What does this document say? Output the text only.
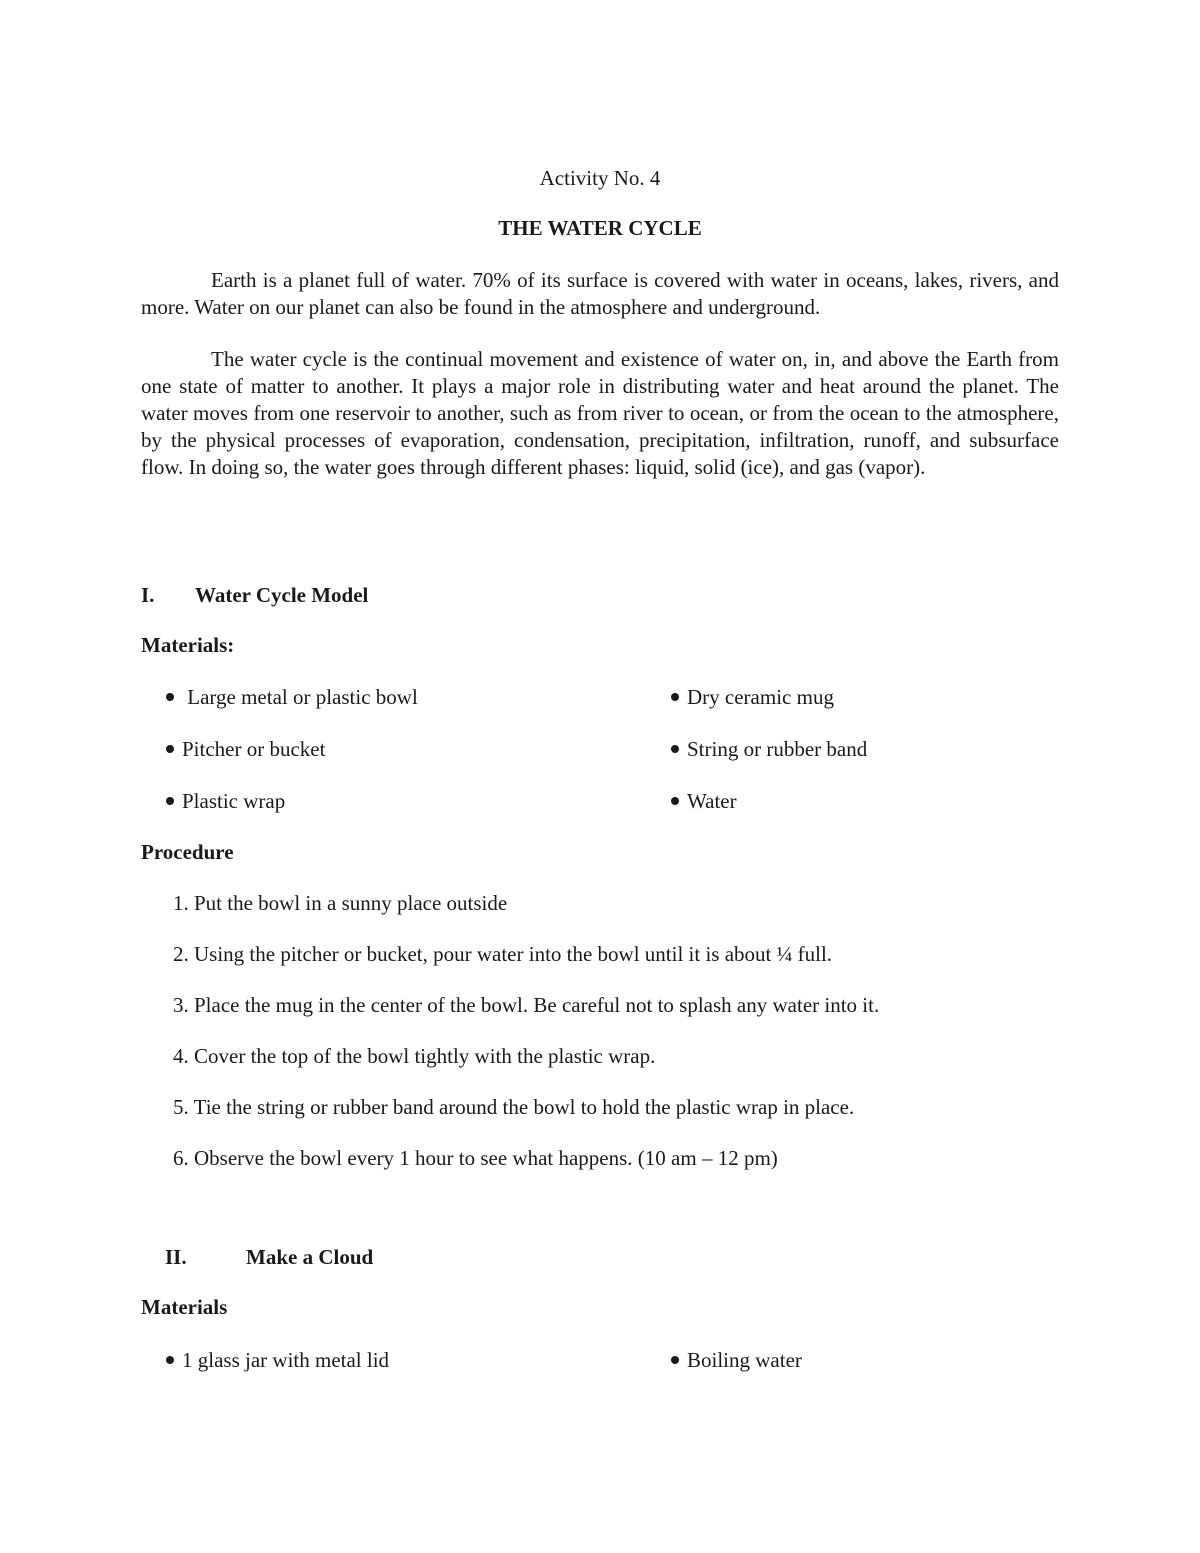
Activity No. 4
THE WATER CYCLE

Earth is a planet full of water. 70% of its surface is covered with water in oceans, lakes, rivers, and more. Water on our planet can also be found in the atmosphere and underground.

The water cycle is the continual movement and existence of water on, in, and above the Earth from one state of matter to another. It plays a major role in distributing water and heat around the planet. The water moves from one reservoir to another, such as from river to ocean, or from the ocean to the atmosphere, by the physical processes of evaporation, condensation, precipitation, infiltration, runoff, and subsurface flow. In doing so, the water goes through different phases: liquid, solid (ice), and gas (vapor).

I. Water Cycle Model
Materials:
Large metal or plastic bowl	Dry ceramic mug
Pitcher or bucket	String or rubber band
Plastic wrap	Water
Procedure
1. Put the bowl in a sunny place outside
2. Using the pitcher or bucket, pour water into the bowl until it is about ¼ full.
3. Place the mug in the center of the bowl. Be careful not to splash any water into it.
4. Cover the top of the bowl tightly with the plastic wrap.
5. Tie the string or rubber band around the bowl to hold the plastic wrap in place.
6. Observe the bowl every 1 hour to see what happens. (10 am – 12 pm)
II.	Make a Cloud
Materials
1 glass jar with metal lid	Boiling water
